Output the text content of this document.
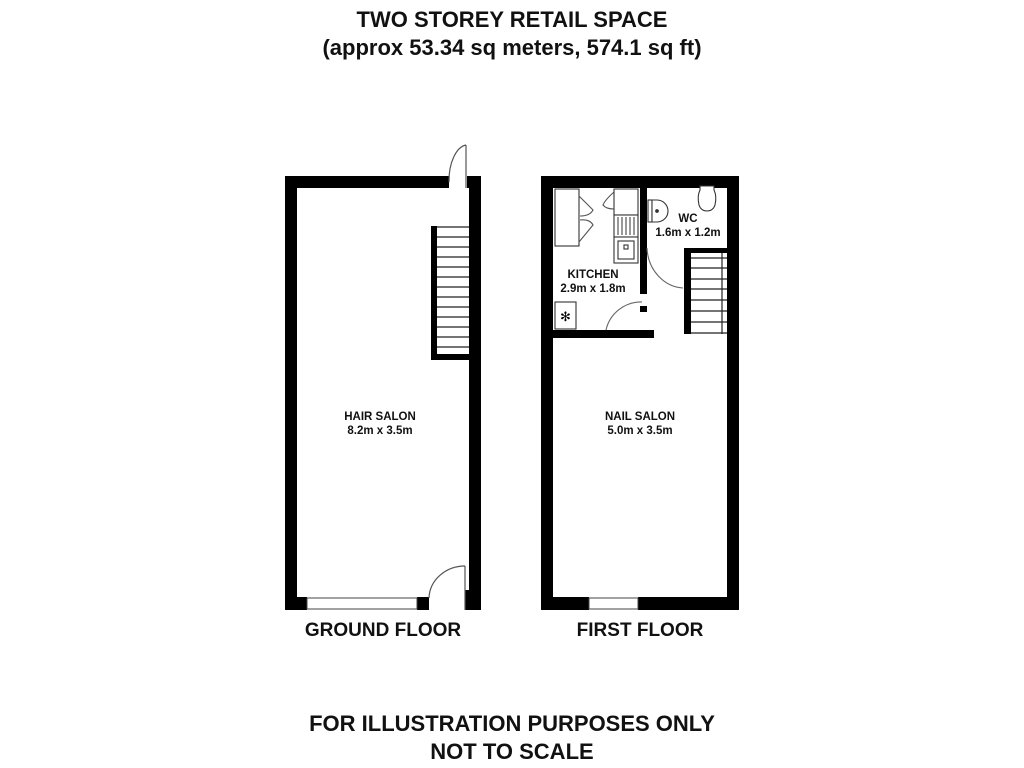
TWO STOREY RETAIL SPACE
(approx 53.34 sq meters, 574.1 sq ft)
✻
HAIR SALON
8.2m x 3.5m
KITCHEN
2.9m x 1.8m
WC
1.6m x 1.2m
NAIL SALON
5.0m x 3.5m
GROUND FLOOR	FIRST FLOOR
FOR ILLUSTRATION PURPOSES ONLY
NOT TO SCALE
